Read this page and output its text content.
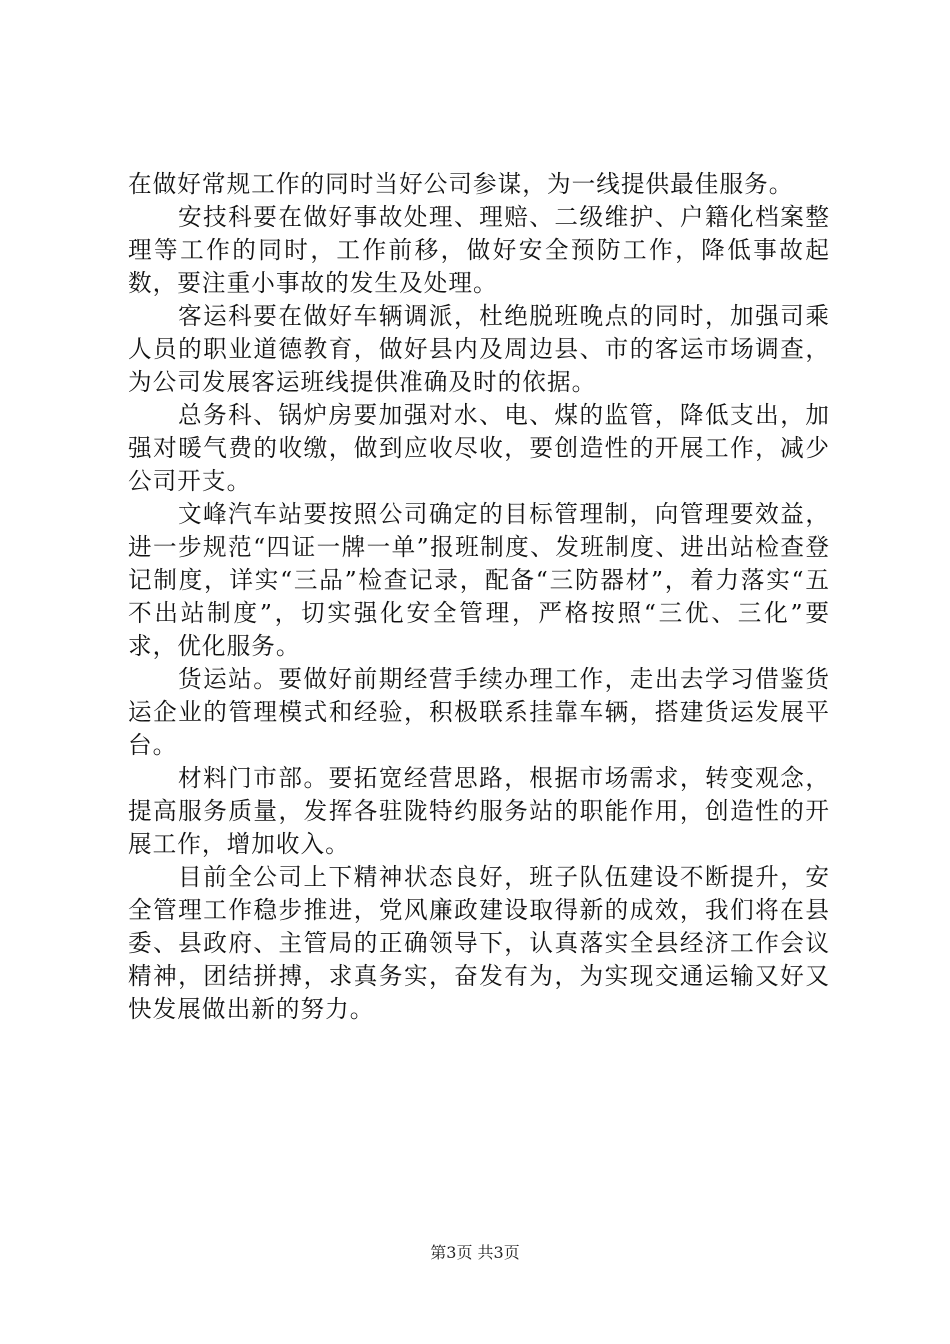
在做好常规工作的同时当好公司参谋，为一线提供最佳服务。

安技科要在做好事故处理、理赔、二级维护、户籍化档案整理等工作的同时，工作前移，做好安全预防工作，降低事故起数，要注重小事故的发生及处理。

客运科要在做好车辆调派，杜绝脱班晚点的同时，加强司乘人员的职业道德教育，做好县内及周边县、市的客运市场调查，为公司发展客运班线提供准确及时的依据。

总务科、锅炉房要加强对水、电、煤的监管，降低支出，加强对暖气费的收缴，做到应收尽收，要创造性的开展工作，减少公司开支。

文峰汽车站要按照公司确定的目标管理制，向管理要效益，进一步规范“四证一牌一单”报班制度、发班制度、进出站检查登记制度，详实“三品”检查记录，配备“三防器材”，着力落实“五不出站制度”，切实强化安全管理，严格按照“三优、三化”要求，优化服务。

货运站。要做好前期经营手续办理工作，走出去学习借鉴货运企业的管理模式和经验，积极联系挂靠车辆，搭建货运发展平台。

材料门市部。要拓宽经营思路，根据市场需求，转变观念，提高服务质量，发挥各驻陇特约服务站的职能作用，创造性的开展工作，增加收入。

目前全公司上下精神状态良好，班子队伍建设不断提升，安全管理工作稳步推进，党风廉政建设取得新的成效，我们将在县委、县政府、主管局的正确领导下，认真落实全县经济工作会议精神，团结拼搏，求真务实，奋发有为，为实现交通运输又好又快发展做出新的努力。

第3页 共3页
